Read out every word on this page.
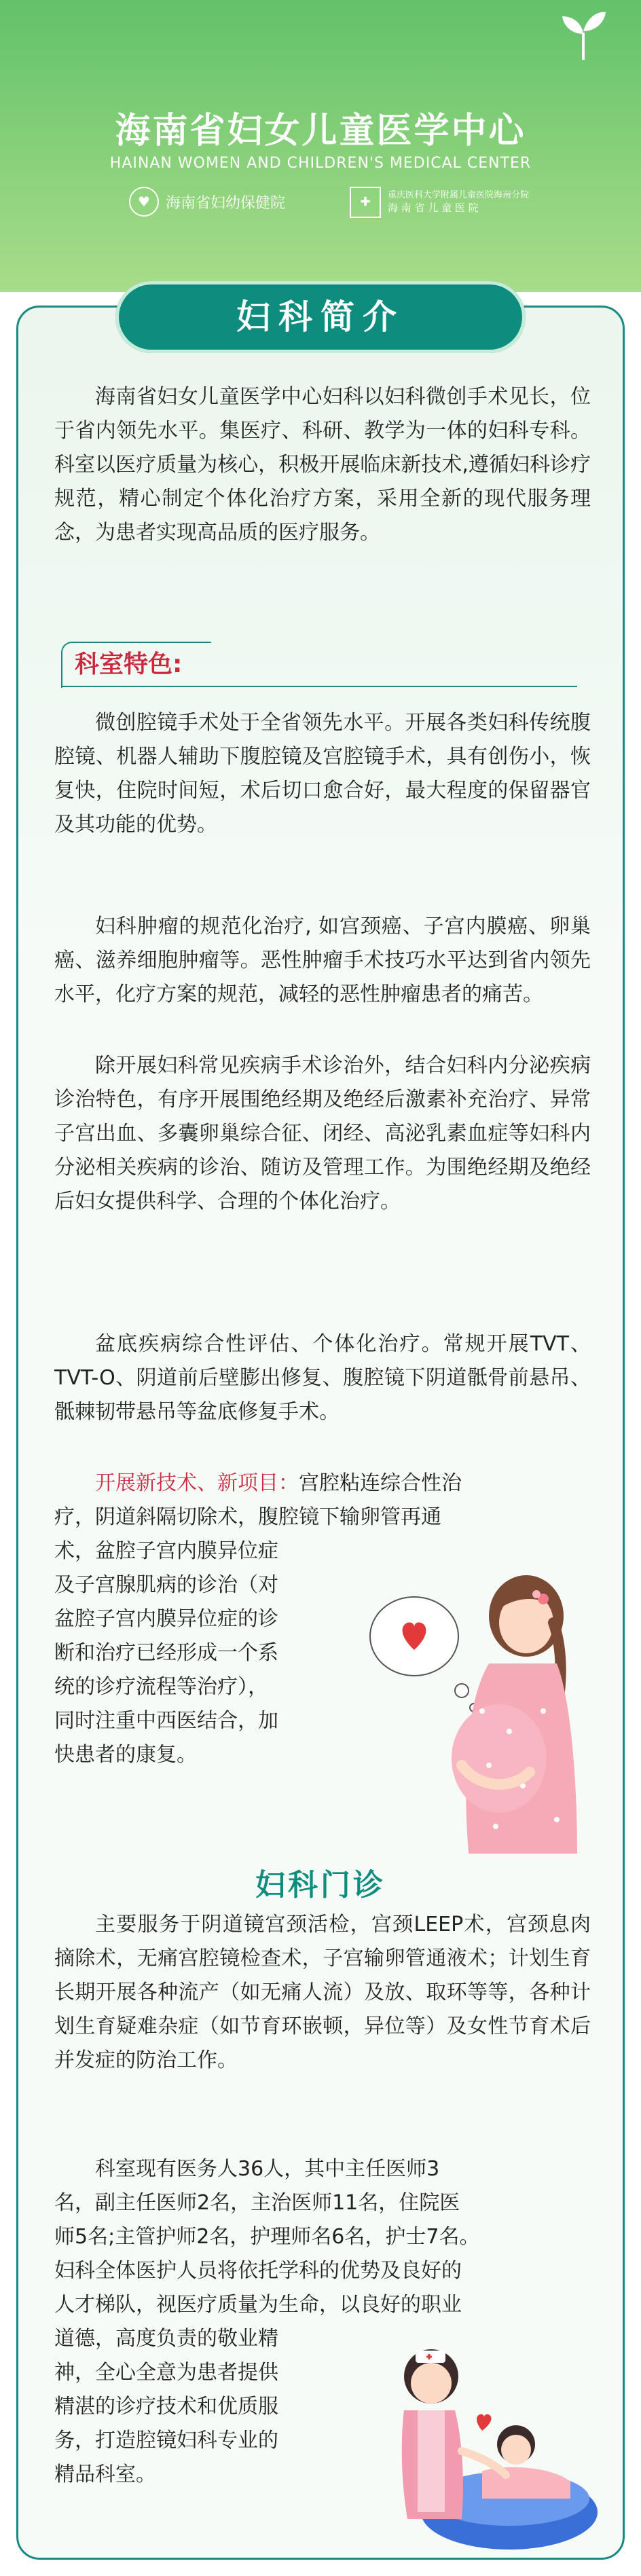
海南省妇女儿童医学中心
HAINAN WOMEN AND CHILDREN'S MEDICAL CENTER
♥	海南省妇幼保健院	✚	重庆医科大学附属儿童医院海南分院
海 南 省 儿 童 医 院
妇科简介
海南省妇女儿童医学中心妇科以妇科微创手术见长，位于省内领先水平。集医疗、科研、教学为一体的妇科专科。科室以医疗质量为核心，积极开展临床新技术,遵循妇科诊疗规范，精心制定个体化治疗方案，采用全新的现代服务理念，为患者实现高品质的医疗服务。
科室特色:
微创腔镜手术处于全省领先水平。开展各类妇科传统腹腔镜、机器人辅助下腹腔镜及宫腔镜手术，具有创伤小，恢复快，住院时间短，术后切口愈合好，最大程度的保留器官及其功能的优势。
妇科肿瘤的规范化治疗, 如宫颈癌、子宫内膜癌、卵巢癌、滋养细胞肿瘤等。恶性肿瘤手术技巧水平达到省内领先水平，化疗方案的规范，减轻的恶性肿瘤患者的痛苦。
除开展妇科常见疾病手术诊治外，结合妇科内分泌疾病诊治特色，有序开展围绝经期及绝经后激素补充治疗、异常子宫出血、多囊卵巢综合征、闭经、高泌乳素血症等妇科内分泌相关疾病的诊治、随访及管理工作。为围绝经期及绝经后妇女提供科学、合理的个体化治疗。
盆底疾病综合性评估、个体化治疗。常规开展TVT、TVT-O、阴道前后壁膨出修复、腹腔镜下阴道骶骨前悬吊、骶棘韧带悬吊等盆底修复手术。
开展新技术、新项目：宫腔粘连综合性治
疗，阴道斜隔切除术，腹腔镜下输卵管再通
术，盆腔子宫内膜异位症
及子宫腺肌病的诊治（对
盆腔子宫内膜异位症的诊
断和治疗已经形成一个系
统的诊疗流程等治疗），
同时注重中西医结合，加
快患者的康复。
妇科门诊
主要服务于阴道镜宫颈活检，宫颈LEEP术，宫颈息肉摘除术，无痛宫腔镜检查术，子宫输卵管通液术；计划生育长期开展各种流产（如无痛人流）及放、取环等等，各种计划生育疑难杂症（如节育环嵌顿，异位等）及女性节育术后并发症的防治工作。
科室现有医务人36人，其中主任医师3
名，副主任医师2名，主治医师11名，住院医
师5名;主管护师2名，护理师名6名，护士7名。
妇科全体医护人员将依托学科的优势及良好的
人才梯队，视医疗质量为生命，以良好的职业
道德，高度负责的敬业精
神，全心全意为患者提供
精湛的诊疗技术和优质服
务，打造腔镜妇科专业的
精品科室。
